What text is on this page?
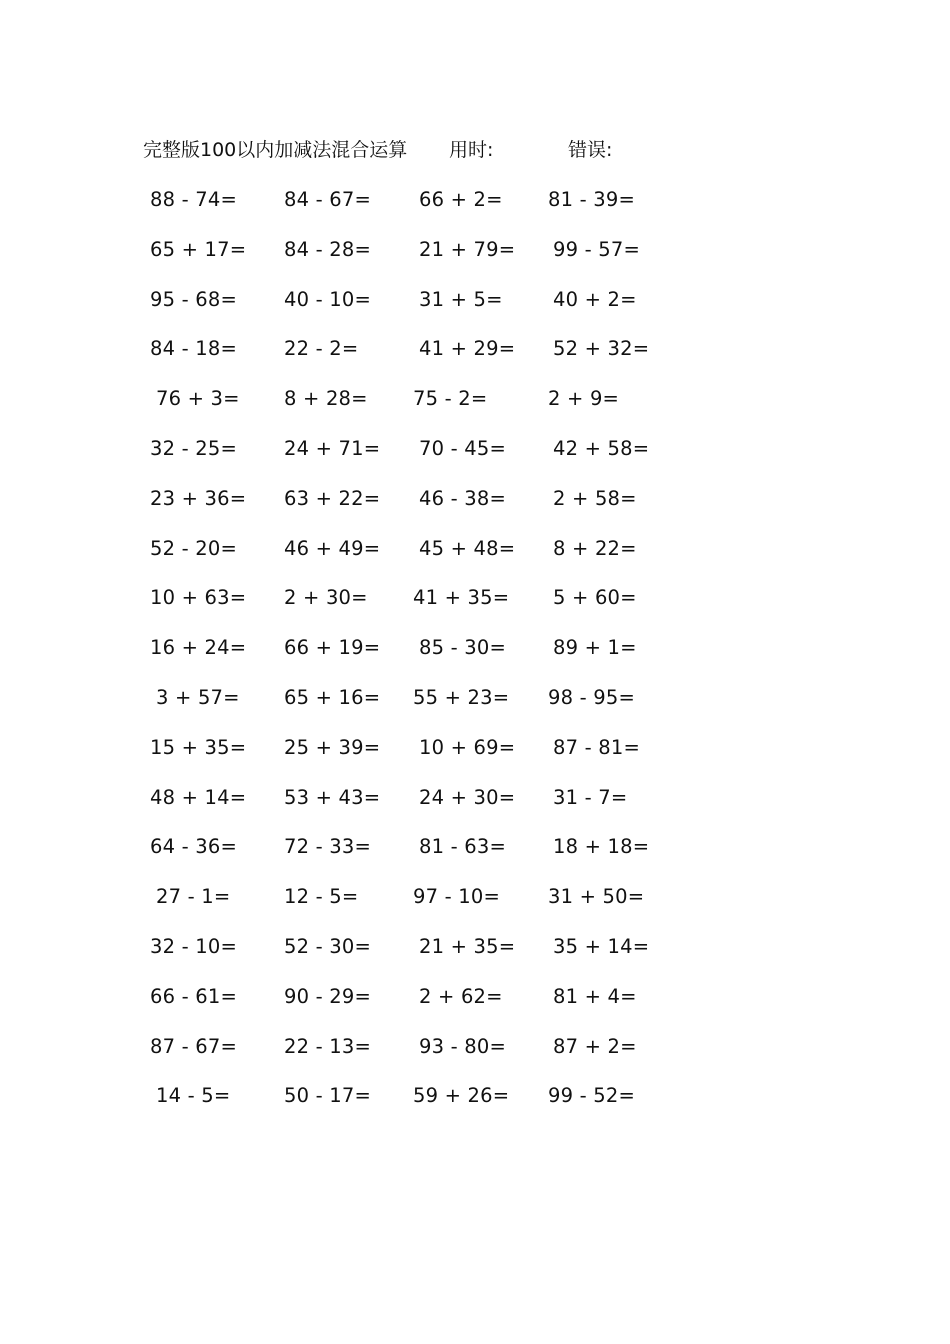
完整版100以内加减法混合运算 用时:	错误:
88 - 74= 84 - 67= 66 + 2= 81 - 39=
65 + 17= 84 - 28= 21 + 79= 99 - 57=
95 - 68= 40 - 10= 31 + 5=	40 + 2=
84 - 18= 22 - 2=	41 + 29= 52 + 32=
76 + 3= 8 + 28= 75 - 2=	2 + 9=
32 - 25= 24 + 71= 70 - 45= 42 + 58=
23 + 36= 63 + 22= 46 - 38= 2 + 58=
52 - 20= 46 + 49= 45 + 48= 8 + 22=
10 + 63= 2 + 30= 41 + 35= 5 + 60=
16 + 24= 66 + 19= 85 - 30= 89 + 1=
3 + 57= 65 + 16= 55 + 23= 98 - 95=
15 + 35= 25 + 39= 10 + 69= 87 - 81=
48 + 14= 53 + 43= 24 + 30= 31 - 7=
64 - 36= 72 - 33= 81 - 63= 18 + 18=
27 - 1=	12 - 5=	97 - 10= 31 + 50=
32 - 10= 52 - 30= 21 + 35= 35 + 14=
66 - 61= 90 - 29= 2 + 62=	81 + 4=
87 - 67= 22 - 13= 93 - 80= 87 + 2=
14 - 5=	50 - 17= 59 + 26= 99 - 52=
